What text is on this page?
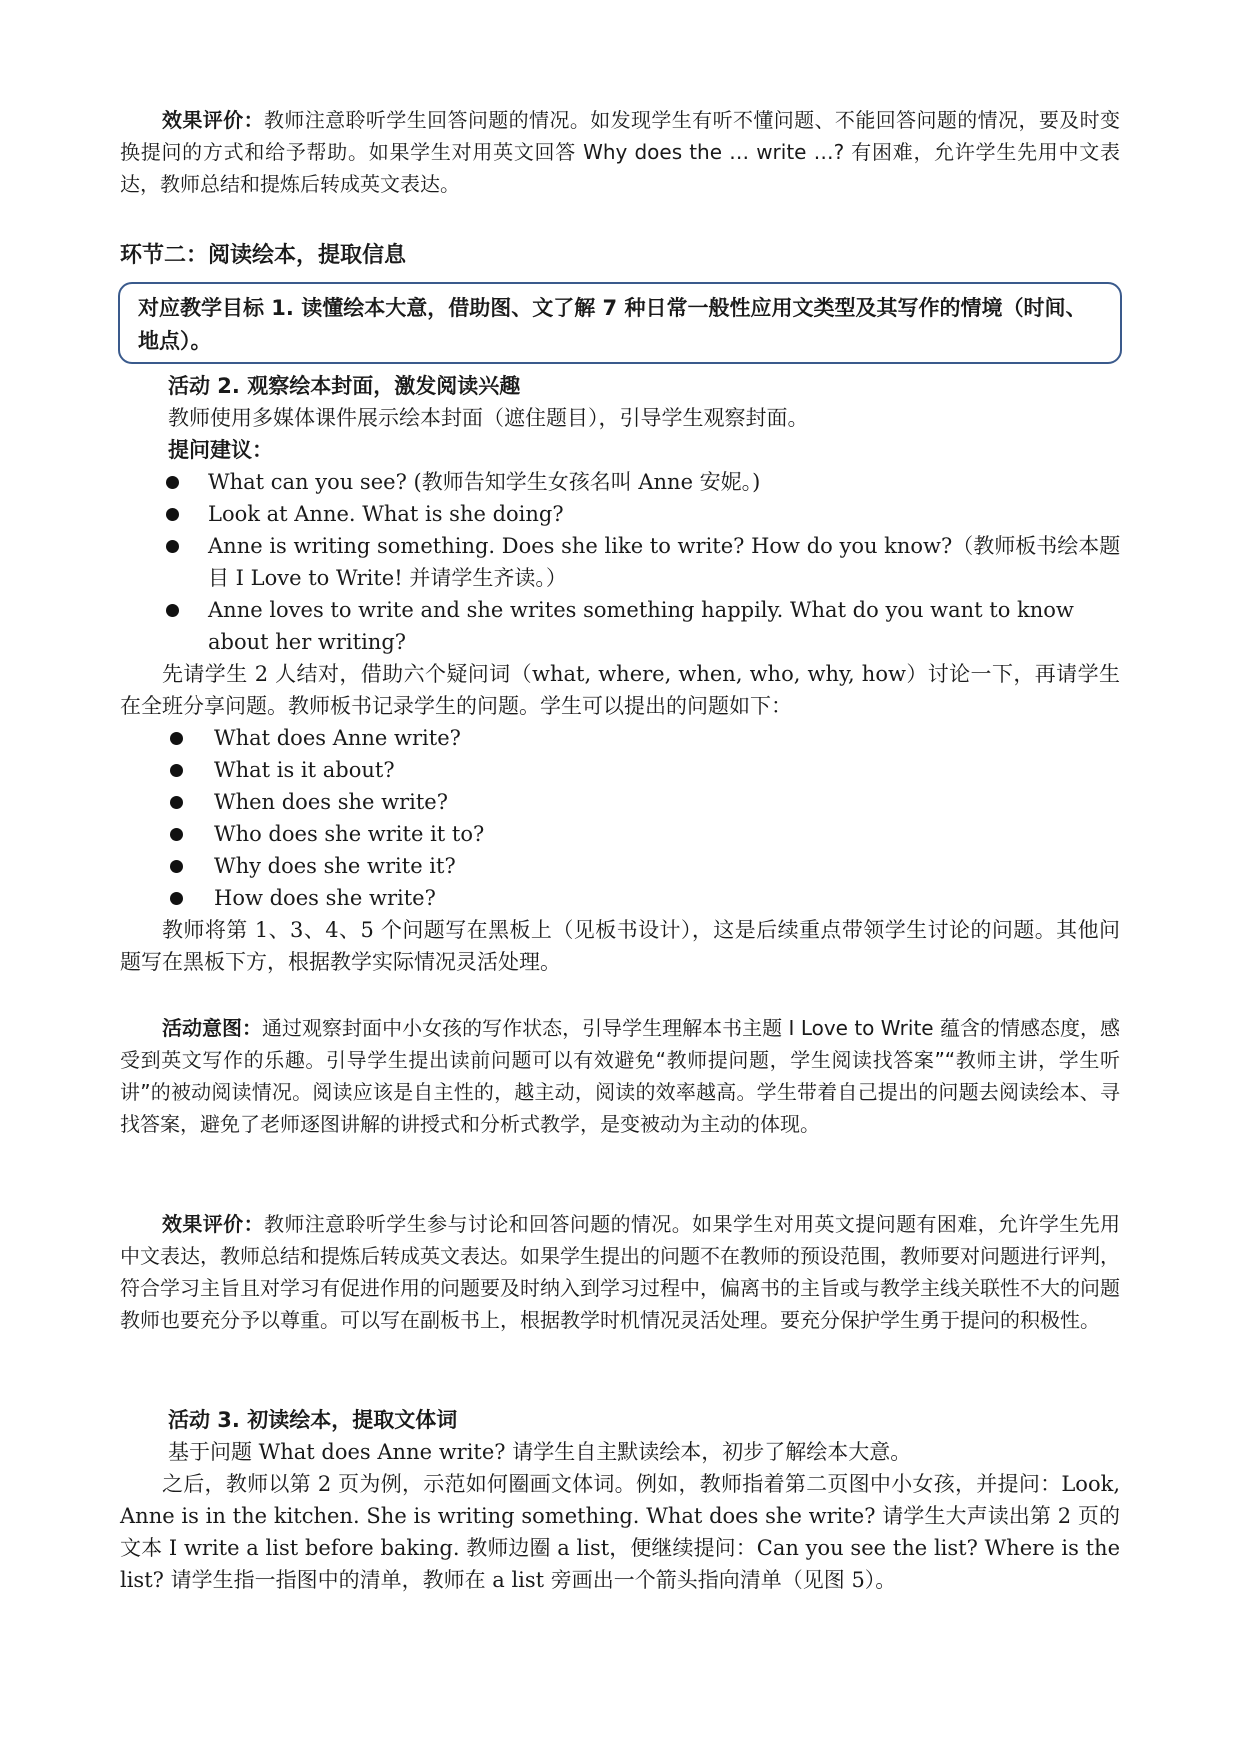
效果评价：教师注意聆听学生回答问题的情况。如发现学生有听不懂问题、不能回答问题的情况，要及时变换提问的方式和给予帮助。如果学生对用英文回答 Why does the … write …? 有困难，允许学生先用中文表达，教师总结和提炼后转成英文表达。

环节二：阅读绘本，提取信息
对应教学目标 1. 读懂绘本大意，借助图、文了解 7 种日常一般性应用文类型及其写作的情境（时间、地点）。
活动 2. 观察绘本封面，激发阅读兴趣
教师使用多媒体课件展示绘本封面（遮住题目），引导学生观察封面。
提问建议：
What can you see? (教师告知学生女孩名叫 Anne 安妮。)
Look at Anne. What is she doing?
Anne is writing something. Does she like to write? How do you know?（教师板书绘本题目 I Love to Write! 并请学生齐读。）
Anne loves to write and she writes something happily. What do you want to know about her writing?

先请学生 2 人结对，借助六个疑问词（what, where, when, who, why, how）讨论一下，再请学生在全班分享问题。教师板书记录学生的问题。学生可以提出的问题如下：

What does Anne write?
What is it about?
When does she write?
Who does she write it to?
Why does she write it?
How does she write?

教师将第 1、3、4、5 个问题写在黑板上（见板书设计），这是后续重点带领学生讨论的问题。其他问题写在黑板下方，根据教学实际情况灵活处理。

活动意图：通过观察封面中小女孩的写作状态，引导学生理解本书主题 I Love to Write 蕴含的情感态度，感受到英文写作的乐趣。引导学生提出读前问题可以有效避免“教师提问题，学生阅读找答案”“教师主讲，学生听讲”的被动阅读情况。阅读应该是自主性的，越主动，阅读的效率越高。学生带着自己提出的问题去阅读绘本、寻找答案，避免了老师逐图讲解的讲授式和分析式教学，是变被动为主动的体现。

效果评价：教师注意聆听学生参与讨论和回答问题的情况。如果学生对用英文提问题有困难，允许学生先用中文表达，教师总结和提炼后转成英文表达。如果学生提出的问题不在教师的预设范围，教师要对问题进行评判，符合学习主旨且对学习有促进作用的问题要及时纳入到学习过程中，偏离书的主旨或与教学主线关联性不大的问题教师也要充分予以尊重。可以写在副板书上，根据教学时机情况灵活处理。要充分保护学生勇于提问的积极性。

活动 3. 初读绘本，提取文体词
基于问题 What does Anne write? 请学生自主默读绘本，初步了解绘本大意。

之后，教师以第 2 页为例，示范如何圈画文体词。例如，教师指着第二页图中小女孩，并提问：Look, Anne is in the kitchen. She is writing something. What does she write? 请学生大声读出第 2 页的文本 I write a list before baking. 教师边圈 a list，便继续提问：Can you see the list? Where is the list? 请学生指一指图中的清单，教师在 a list 旁画出一个箭头指向清单（见图 5）。
